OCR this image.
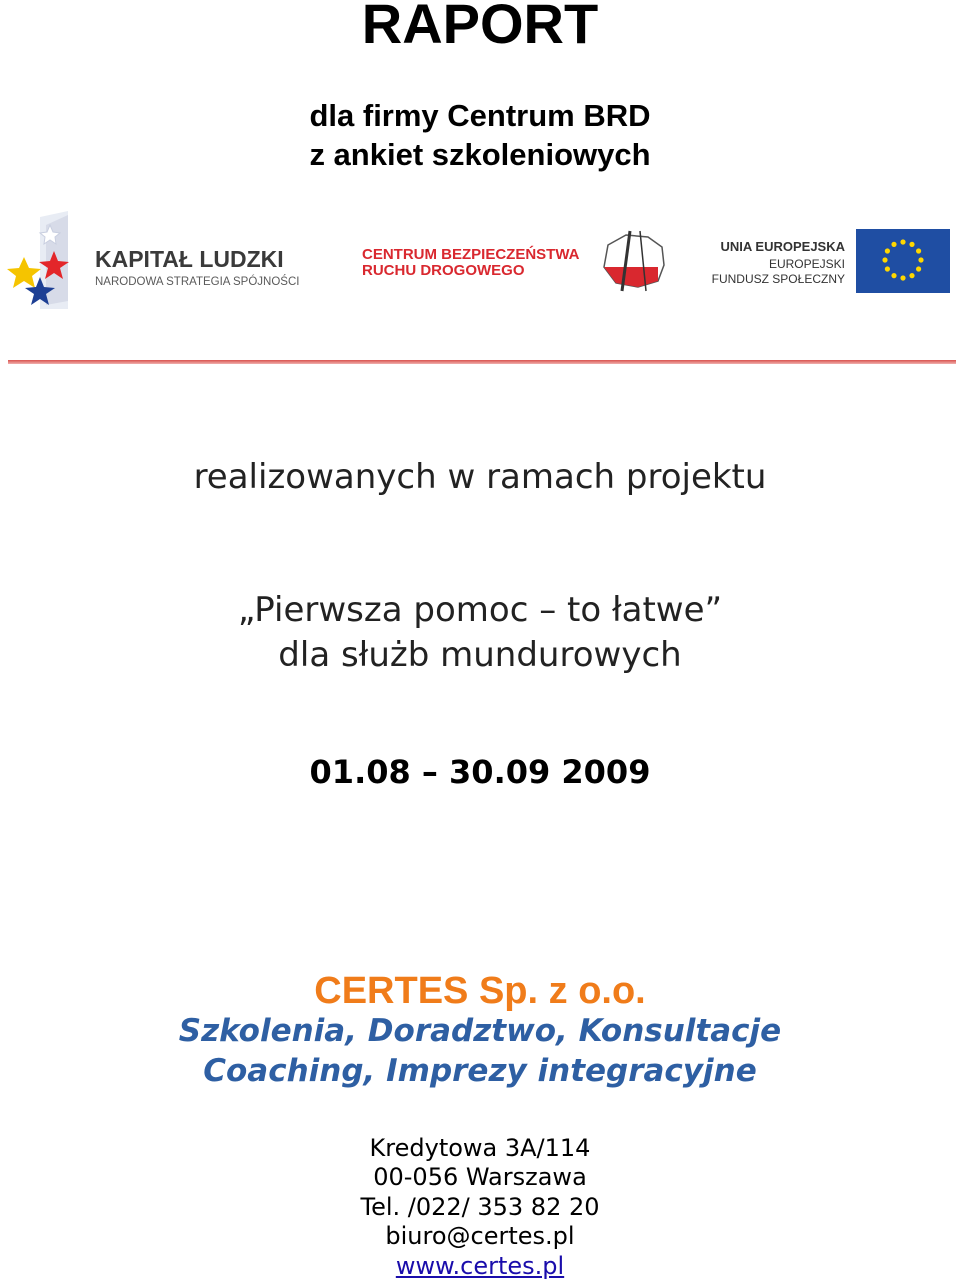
RAPORT
dla firmy Centrum BRD
z ankiet szkoleniowych
KAPITAŁ LUDZKI
NARODOWA STRATEGIA SPÓJNOŚCI
CENTRUM BEZPIECZEŃSTWA
RUCHU DROGOWEGO
UNIA EUROPEJSKA
EUROPEJSKI
FUNDUSZ SPOŁECZNY
realizowanych w ramach projektu
„Pierwsza pomoc – to łatwe”
dla służb mundurowych
01.08 – 30.09 2009
CERTES Sp. z o.o.
Szkolenia, Doradztwo, Konsultacje
Coaching, Imprezy integracyjne
Kredytowa 3A/114
00-056 Warszawa
Tel. /022/ 353 82 20
biuro@certes.pl
www.certes.pl
